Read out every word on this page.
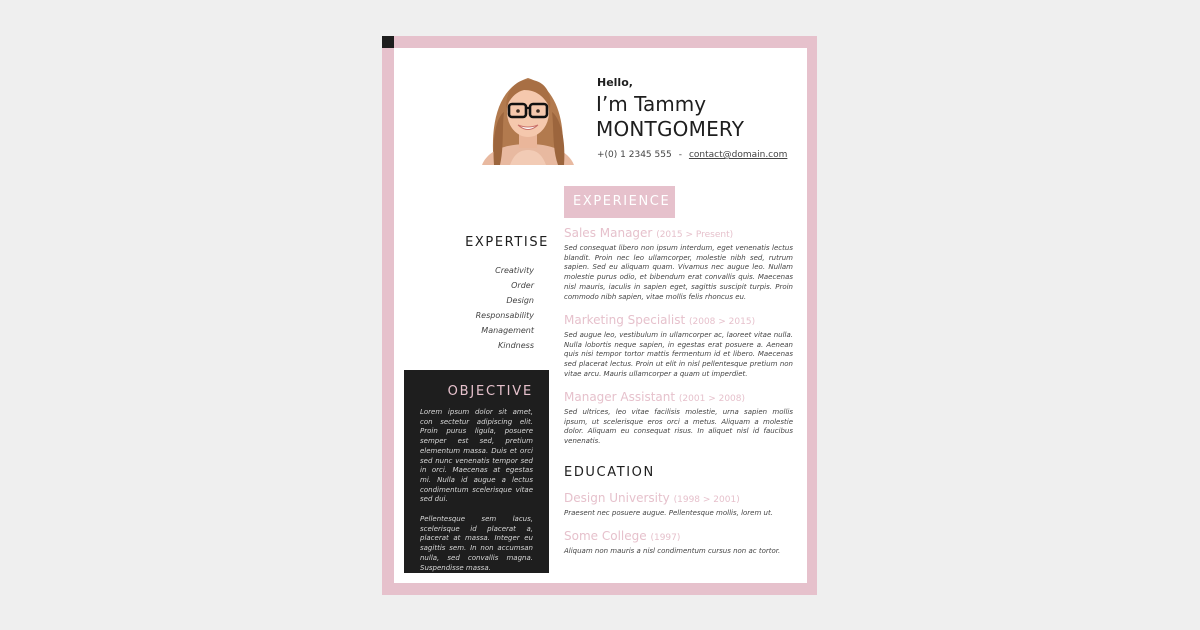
Hello,
I’m Tammy
MONTGOMERY
+(0) 1 2345 555 - contact@domain.com
EXPERTISE
Creativity
Order
Design
Responsability
Management
Kindness
OBJECTIVE

Lorem ipsum dolor sit amet, con sectetur adipiscing elit. Proin purus ligula, posuere semper est sed, pretium elementum massa. Duis et orci sed nunc venenatis tempor sed in orci. Maecenas at egestas mi. Nulla id augue a lectus condimentum scelerisque vitae sed dui.

Pellentesque sem lacus, scelerisque id placerat a, placerat at massa. Integer eu sagittis sem. In non accumsan nulla, sed convallis magna. Suspendisse massa.

EXPERIENCE
Sales Manager (2015 > Present)
Sed consequat libero non ipsum interdum, eget venenatis lectus blandit. Proin nec leo ullamcorper, molestie nibh sed, rutrum sapien. Sed eu aliquam quam. Vivamus nec augue leo. Nullam molestie purus odio, et bibendum erat convallis quis. Maecenas nisl mauris, iaculis in sapien eget, sagittis suscipit turpis. Proin commodo nibh sapien, vitae mollis felis rhoncus eu.
Marketing Specialist (2008 > 2015)
Sed augue leo, vestibulum in ullamcorper ac, laoreet vitae nulla. Nulla lobortis neque sapien, in egestas erat posuere a. Aenean quis nisi tempor tortor mattis fermentum id et libero. Maecenas sed placerat lectus. Proin ut elit in nisl pellentesque pretium non vitae arcu. Mauris ullamcorper a quam ut imperdiet.
Manager Assistant (2001 > 2008)
Sed ultrices, leo vitae facilisis molestie, urna sapien mollis ipsum, ut scelerisque eros orci a metus. Aliquam a molestie dolor. Aliquam eu consequat risus. In aliquet nisl id faucibus venenatis.
EDUCATION
Design University (1998 > 2001)
Praesent nec posuere augue. Pellentesque mollis, lorem ut.
Some College (1997)
Aliquam non mauris a nisl condimentum cursus non ac tortor.
